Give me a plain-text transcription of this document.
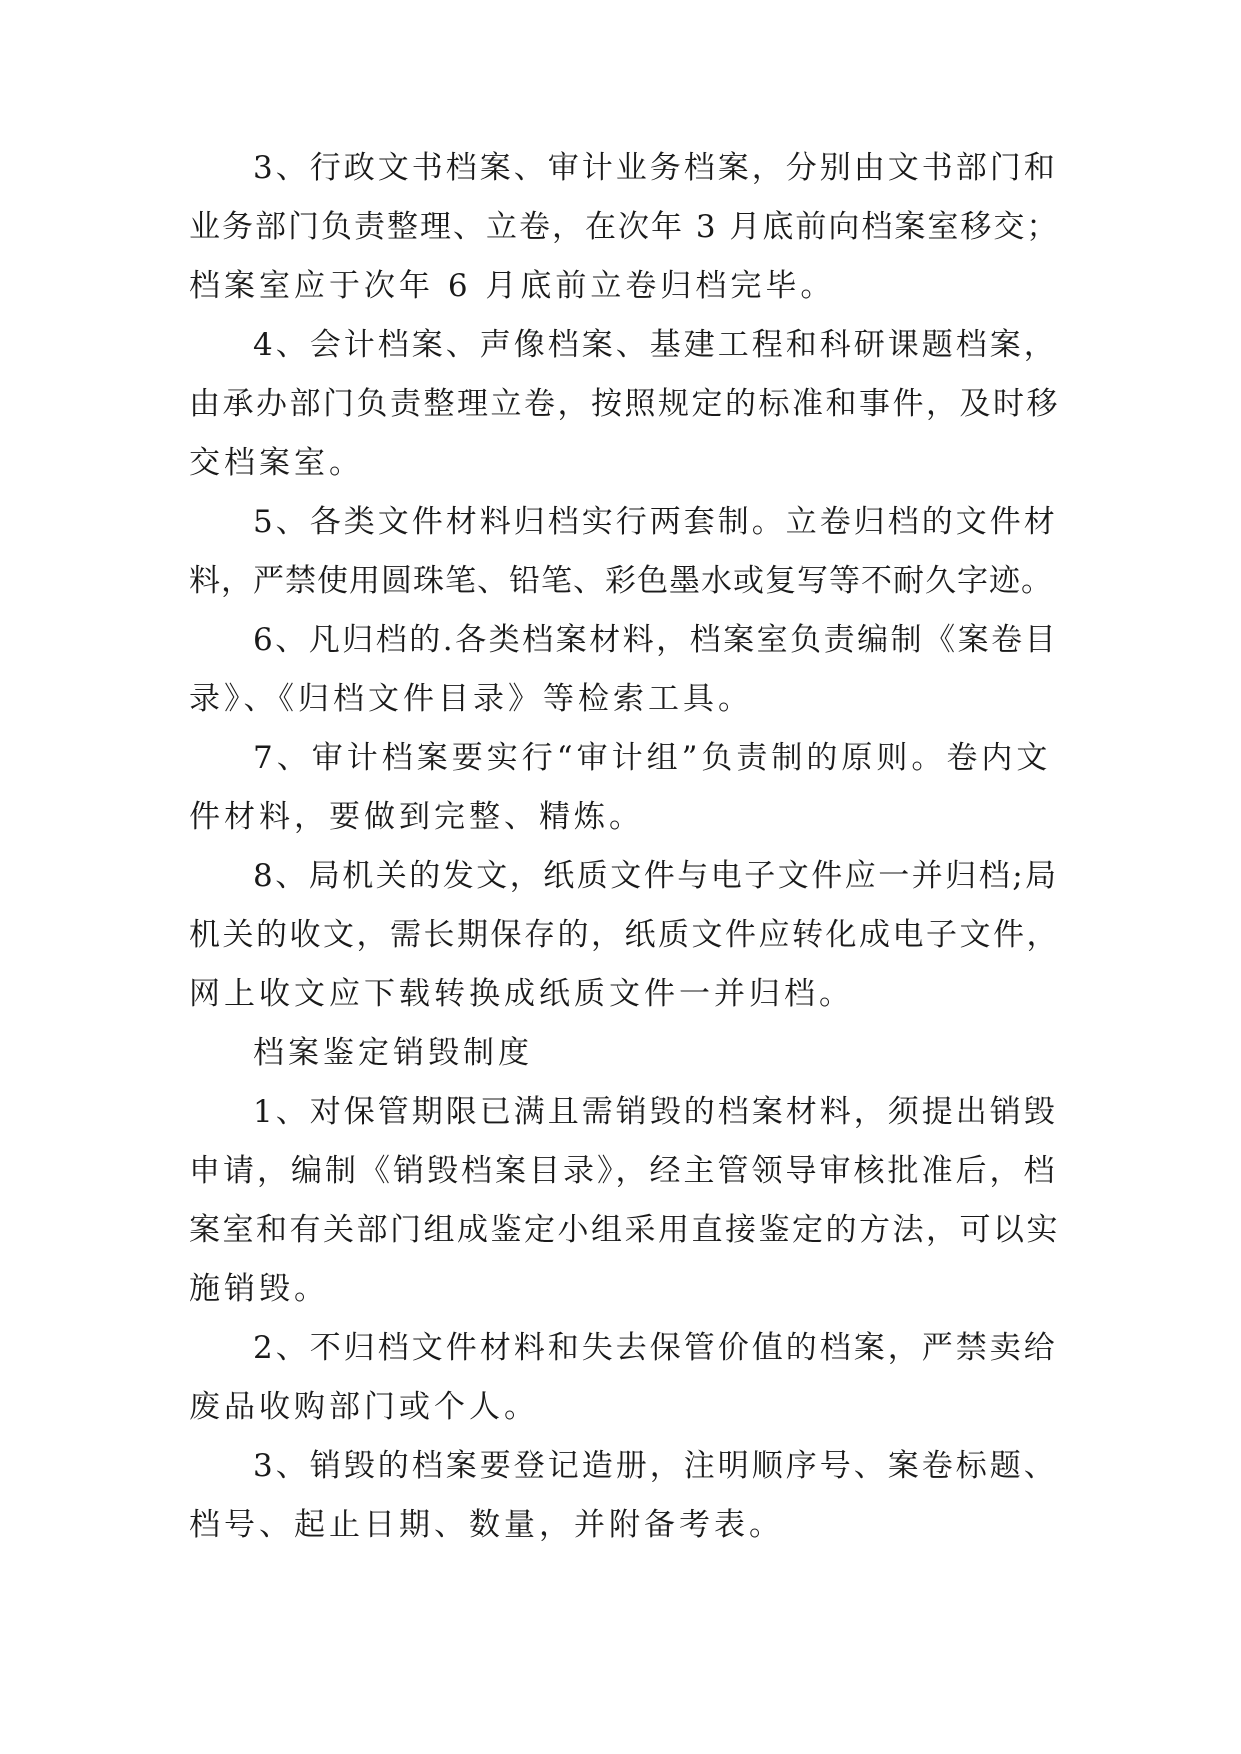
3、行政文书档案、审计业务档案，分别由文书部门和
业务部门负责整理、立卷，在次年 3 月底前向档案室移交；
档案室应于次年 6 月底前立卷归档完毕。
4、会计档案、声像档案、基建工程和科研课题档案，
由承办部门负责整理立卷，按照规定的标准和事件，及时移
交档案室。
5、各类文件材料归档实行两套制。立卷归档的文件材
料，严禁使用圆珠笔、铅笔、彩色墨水或复写等不耐久字迹。
6、凡归档的.各类档案材料，档案室负责编制《案卷目
录》、《归档文件目录》等检索工具。
7、审计档案要实行“审计组”负责制的原则。卷内文
件材料，要做到完整、精炼。
8、局机关的发文，纸质文件与电子文件应一并归档;局
机关的收文，需长期保存的，纸质文件应转化成电子文件，
网上收文应下载转换成纸质文件一并归档。
档案鉴定销毁制度
1、对保管期限已满且需销毁的档案材料，须提出销毁
申请，编制《销毁档案目录》，经主管领导审核批准后，档
案室和有关部门组成鉴定小组采用直接鉴定的方法，可以实
施销毁。
2、不归档文件材料和失去保管价值的档案，严禁卖给
废品收购部门或个人。
3、销毁的档案要登记造册，注明顺序号、案卷标题、
档号、起止日期、数量，并附备考表。
